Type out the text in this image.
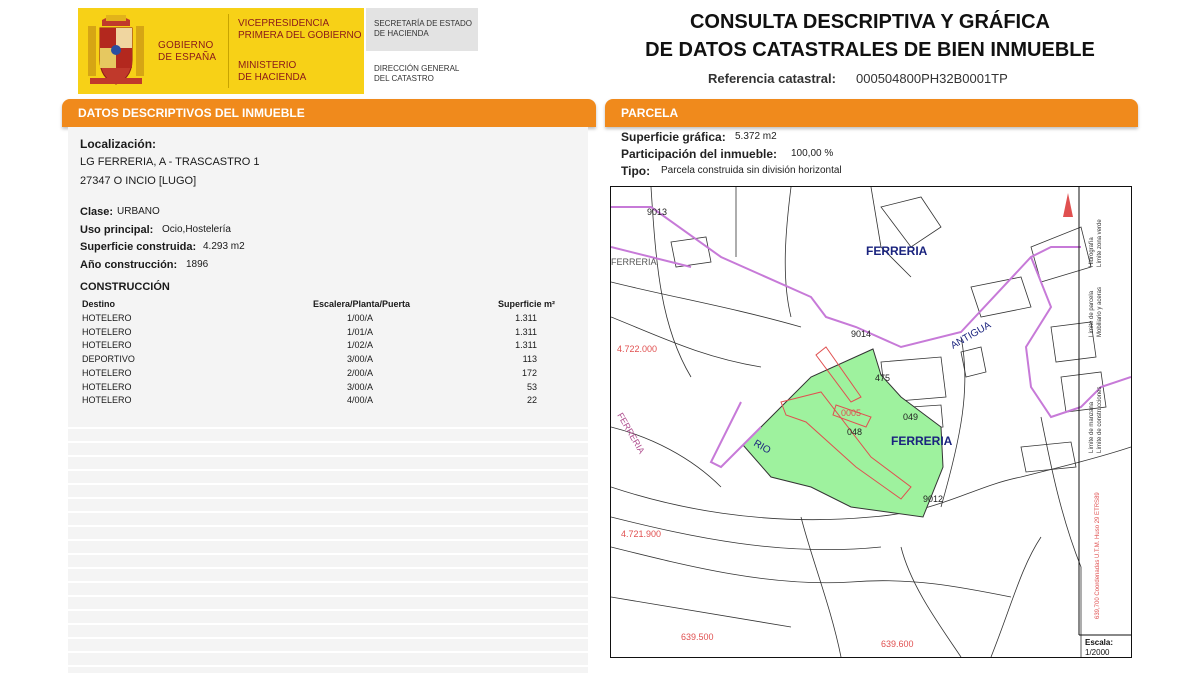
GOBIERNO
DE ESPAÑA
VICEPRESIDENCIA
PRIMERA DEL GOBIERNO
MINISTERIO
DE HACIENDA
SECRETARÍA DE ESTADO
DE HACIENDA
DIRECCIÓN GENERAL
DEL CATASTRO
CONSULTA DESCRIPTIVA Y GRÁFICA
DE DATOS CATASTRALES DE BIEN INMUEBLE
Referencia catastral: 000504800PH32B0001TP
DATOS DESCRIPTIVOS DEL INMUEBLE
Localización:
LG FERRERIA, A - TRASCASTRO 1
27347 O INCIO [LUGO]
Clase: URBANO
Uso principal: Ocio,Hostelería
Superficie construida: 4.293 m2
Año construcción: 1896
CONSTRUCCIÓN
Destino	Escalera/Planta/Puerta	Superficie m²
HOTELERO	1/00/A	1.311
HOTELERO	1/01/A	1.311
HOTELERO	1/02/A	1.311
DEPORTIVO	3/00/A	113
HOTELERO	2/00/A	172
HOTELERO	3/00/A	53
HOTELERO	4/00/A	22
PARCELA
Superficie gráfica: 5.372 m2
Participación del inmueble: 100,00 %
Tipo: Parcela construida sin división horizontal
FERRERIA
FERRERIA
FERRERIA
FERRERIA	RIO
ANTIGUA
9013
9014
475
048
049
9012
0005
4.722.000
4.721.900
639.500
639.600
Límite de manzana
Límite de parcela
Límite de construcciones
Mobiliario y aceras
Límite zona verde
Hidrografía
639,700 Coordenadas U.T.M. Huso 29 ETRS89
Escala:
1/2000
